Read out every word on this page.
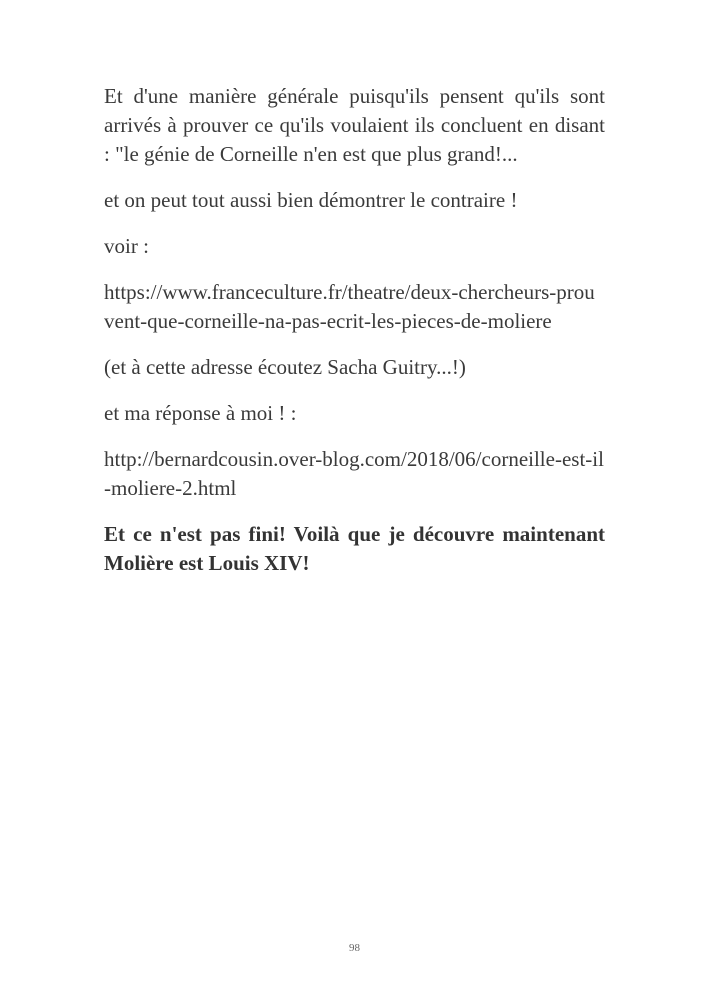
Et d'une manière générale puisqu'ils pensent qu'ils sont arrivés à prouver ce qu'ils voulaient ils concluent en disant : "le génie de Corneille n'en est que plus grand!...

et on peut tout aussi bien démontrer le contraire !

voir :

https://www.franceculture.fr/theatre/deux-chercheurs-prouvent-que-corneille-na-pas-ecrit-les-pieces-de-moliere

(et à cette adresse écoutez Sacha Guitry...!)

et ma réponse à moi ! :

http://bernardcousin.over-blog.com/2018/06/corneille-est-il-moliere-2.html

Et ce n'est pas fini! Voilà que je découvre maintenant Molière est Louis XIV!

98
